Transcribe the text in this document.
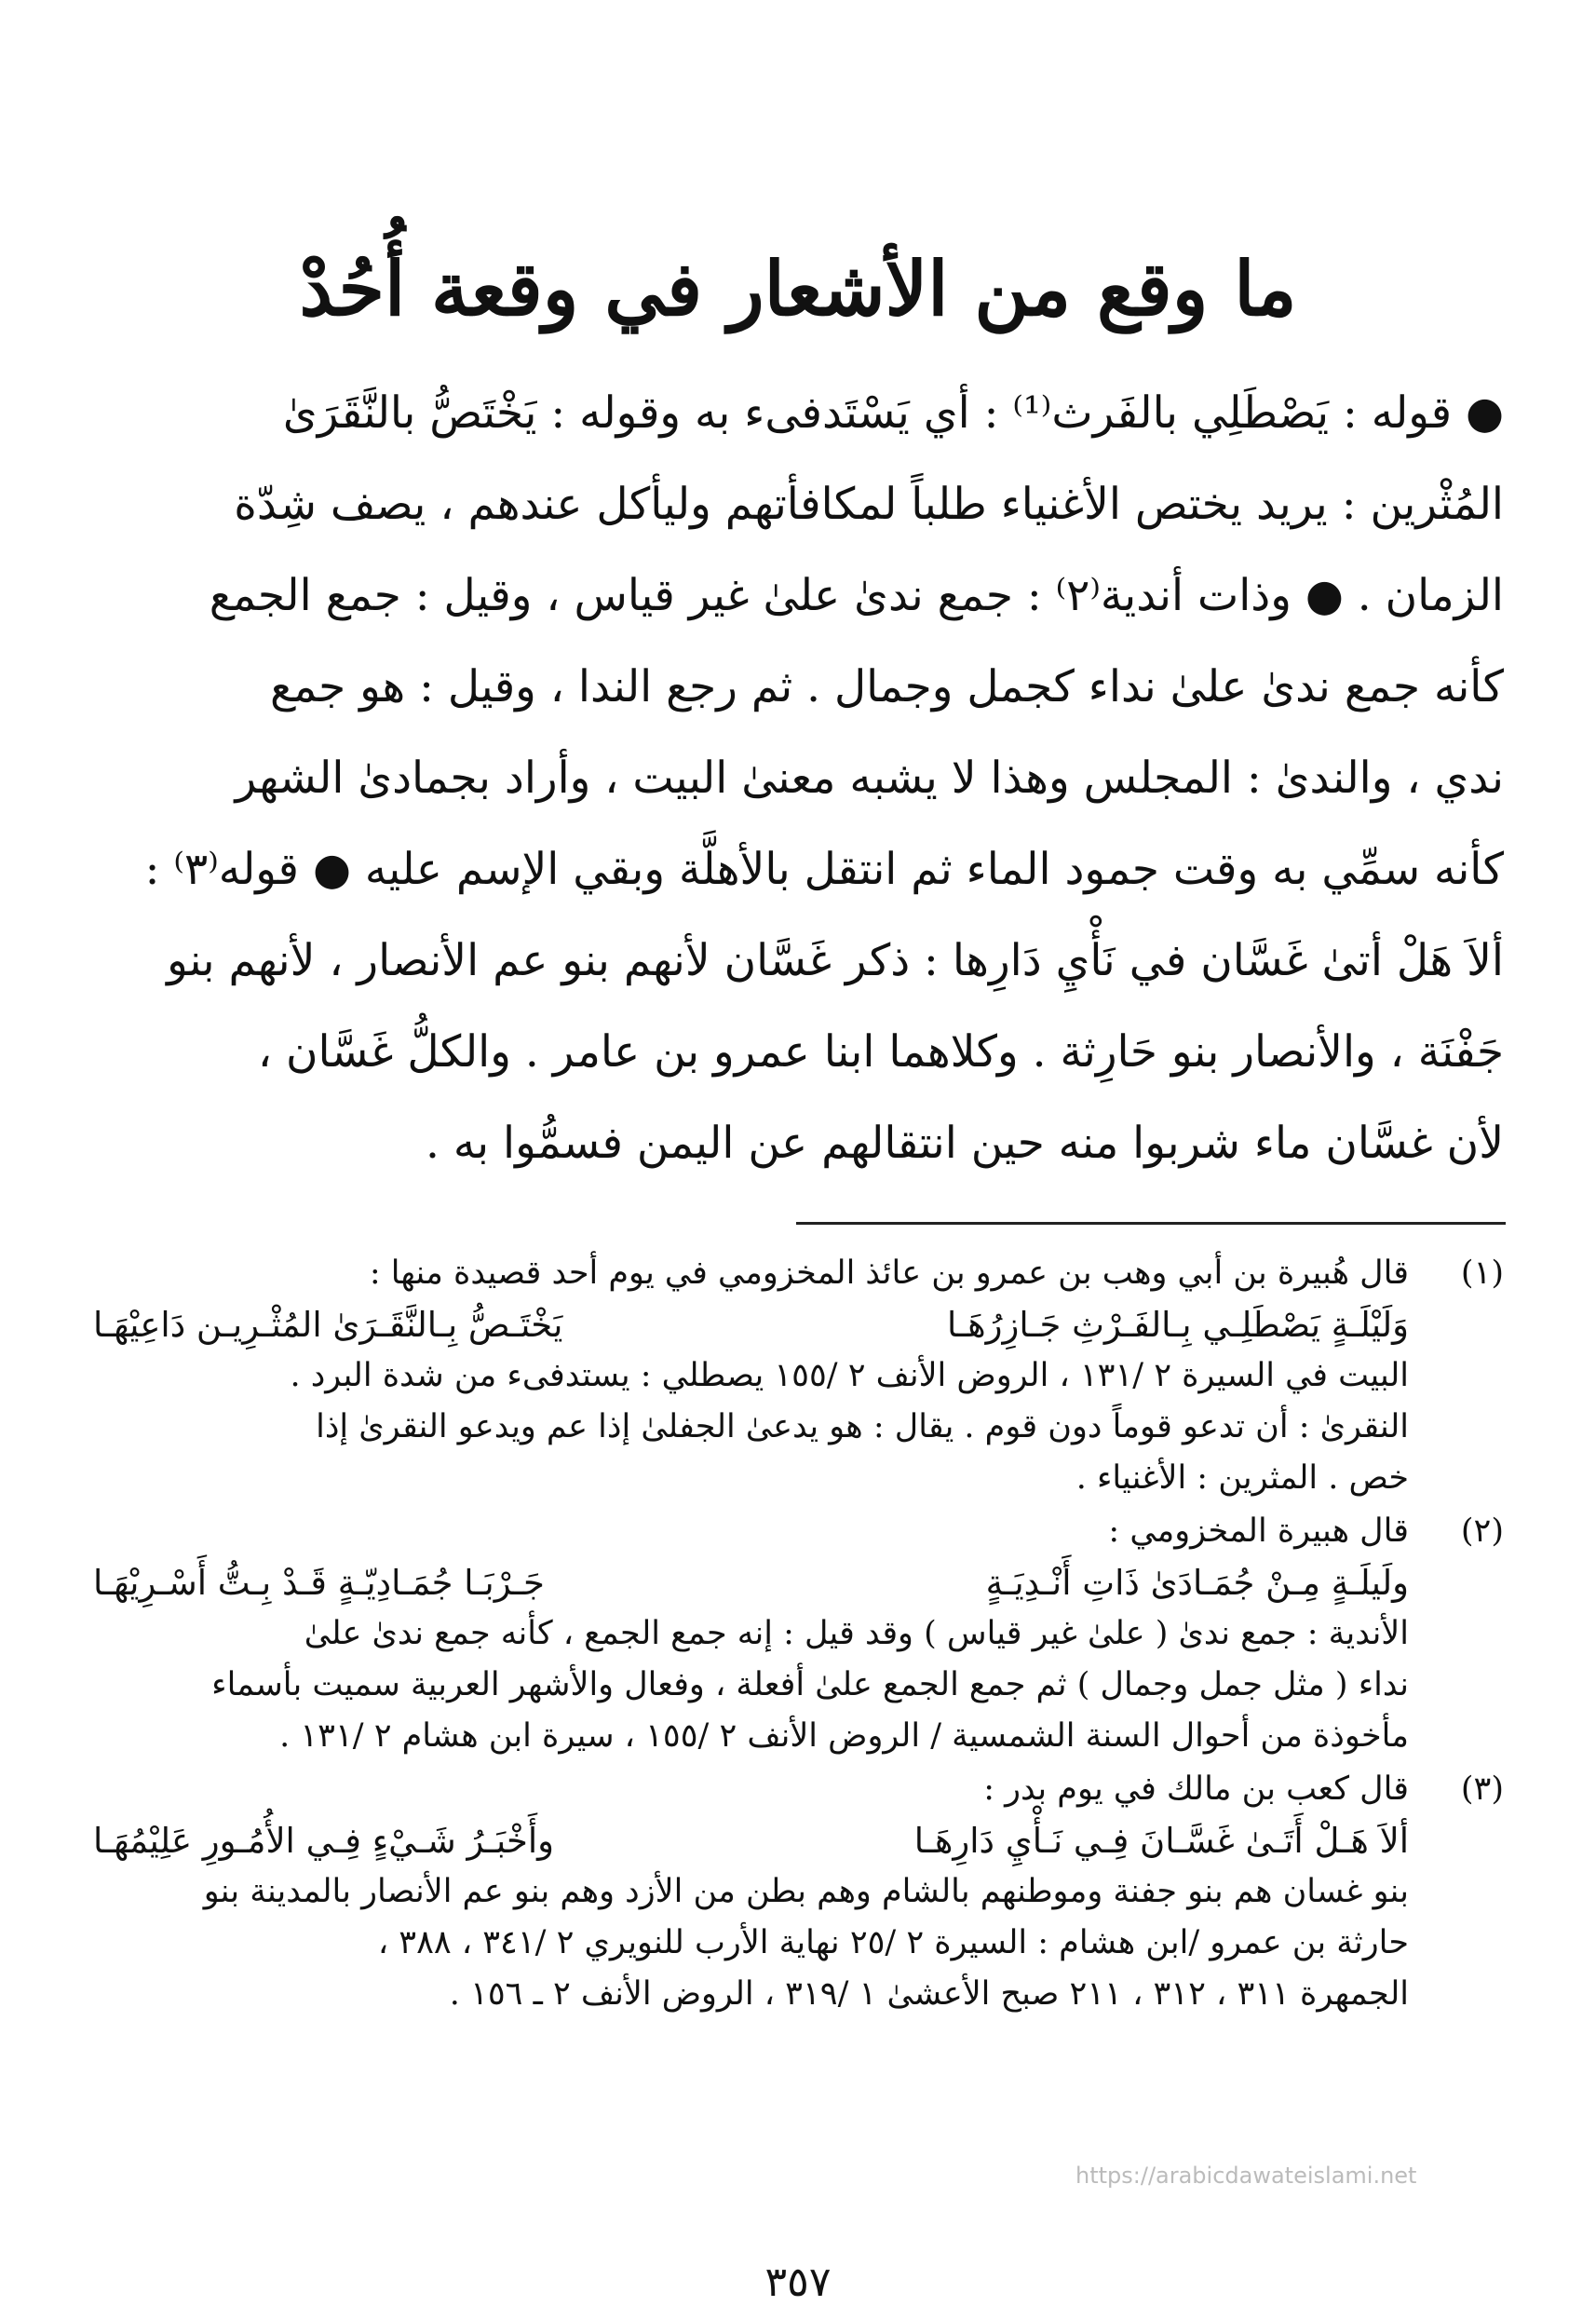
ما وقع من الأشعار في وقعة أُحُدْ

● قوله : يَصْطَلِي بالفَرث⁽¹⁾ : أي يَسْتَدفىء به وقوله : يَخْتَصُّ بالنَّقَرَىٰ

المُثْرين : يريد يختص الأغنياء طلباً لمكافأتهم وليأكل عندهم ، يصف شِدّة

الزمان . ● وذات أندية⁽٢⁾ : جمع ندىٰ علىٰ غير قياس ، وقيل : جمع الجمع

كأنه جمع ندىٰ علىٰ نداء كجمل وجمال . ثم رجع الندا ، وقيل : هو جمع

ندي ، والندىٰ : المجلس وهذا لا يشبه معنىٰ البيت ، وأراد بجمادىٰ الشهر

كأنه سمِّي به وقت جمود الماء ثم انتقل بالأهلَّة وبقي الإسم عليه ● قوله⁽٣⁾ :

ألاَ هَلْ أتىٰ غَسَّان في نَأْيِ دَارِها : ذكر غَسَّان لأنهم بنو عم الأنصار ، لأنهم بنو

جَفْنَة ، والأنصار بنو حَارِثة . وكلاهما ابنا عمرو بن عامر . والكلُّ غَسَّان ،

لأن غسَّان ماء شربوا منه حين انتقالهم عن اليمن فسمُّوا به .

(١)
قال هُبيرة بن أبي وهب بن عمرو بن عائذ المخزومي في يوم أحد قصيدة منها :
وَلَيْلَـةٍ يَصْطَلِـي بِـالفَـرْثِ جَـازِرُهَـا
يَخْتَـصُّ بِـالنَّقَـرَىٰ المُثْـرِيـن دَاعِيْهَـا
البيت في السيرة ٢ /١٣١ ، الروض الأنف ٢ /١٥٥ يصطلي : يستدفىء من شدة البرد .
النقرىٰ : أن تدعو قوماً دون قوم . يقال : هو يدعىٰ الجفلىٰ إذا عم ويدعو النقرىٰ إذا
خص . المثرين : الأغنياء .
(٢)
قال هبيرة المخزومي :
ولَيلَـةٍ مِـنْ جُمَـادَىٰ ذَاتِ أَنْـدِيَـةٍ
جَـرْبَـا جُمَـادِيّـةٍ قَـدْ بِـتُّ أَسْـرِيْهَـا
الأندية : جمع ندىٰ ( علىٰ غير قياس ) وقد قيل : إنه جمع الجمع ، كأنه جمع ندىٰ علىٰ
نداء ( مثل جمل وجمال ) ثم جمع الجمع علىٰ أفعلة ، وفعال والأشهر العربية سميت بأسماء
مأخوذة من أحوال السنة الشمسية / الروض الأنف ٢ /١٥٥ ، سيرة ابن هشام ٢ /١٣١ .
(٣)
قال كعب بن مالك في يوم بدر :
ألاَ هَـلْ أَتَـىٰ غَسَّـانَ فِـي نَـأْيِ دَارِهَـا
وأَخْبَـرُ شَـيْءٍ فِـي الأُمُـورِ عَلِيْمُهَـا
بنو غسان هم بنو جفنة وموطنهم بالشام وهم بطن من الأزد وهم بنو عم الأنصار بالمدينة بنو
حارثة بن عمرو /ابن هشام : السيرة ٢ /٢٥ نهاية الأرب للنويري ٢ /٣٤١ ، ٣٨٨ ،
الجمهرة ٣١١ ، ٣١٢ ، ٢١١ صبح الأعشىٰ ١ /٣١٩ ، الروض الأنف ٢ ـ ١٥٦ .
https://arabicdawateislami.net
٣٥٧
